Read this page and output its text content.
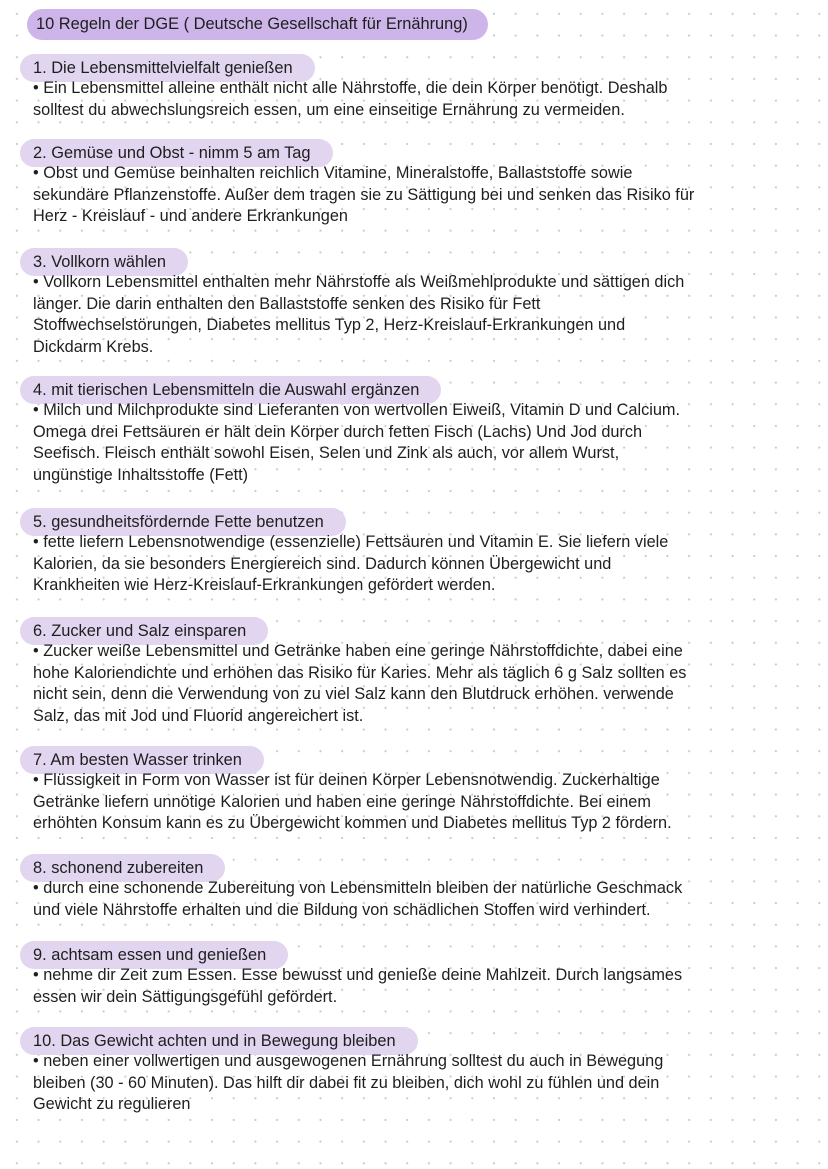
10 Regeln der DGE ( Deutsche Gesellschaft für Ernährung)
1. Die Lebensmittelvielfalt genießen
• Ein Lebensmittel alleine enthält nicht alle Nährstoffe, die dein Körper benötigt. Deshalb
solltest du abwechslungsreich essen, um eine einseitige Ernährung zu vermeiden.
2. Gemüse und Obst - nimm 5 am Tag
• Obst und Gemüse beinhalten reichlich Vitamine, Mineralstoffe, Ballaststoffe sowie
sekundäre Pflanzenstoffe. Außer dem tragen sie zu Sättigung bei und senken das Risiko für
Herz - Kreislauf - und andere Erkrankungen
3. Vollkorn wählen
• Vollkorn Lebensmittel enthalten mehr Nährstoffe als Weißmehlprodukte und sättigen dich
länger. Die darin enthalten den Ballaststoffe senken des Risiko für Fett
Stoffwechselstörungen, Diabetes mellitus Typ 2, Herz-Kreislauf-Erkrankungen und
Dickdarm Krebs.
4. mit tierischen Lebensmitteln die Auswahl ergänzen
• Milch und Milchprodukte sind Lieferanten von wertvollen Eiweiß, Vitamin D und Calcium.
Omega drei Fettsäuren er hält dein Körper durch fetten Fisch (Lachs) Und Jod durch
Seefisch. Fleisch enthält sowohl Eisen, Selen und Zink als auch, vor allem Wurst,
ungünstige Inhaltsstoffe (Fett)
5. gesundheitsfördernde Fette benutzen
• fette liefern Lebensnotwendige (essenzielle) Fettsäuren und Vitamin E. Sie liefern viele
Kalorien, da sie besonders Energiereich sind. Dadurch können Übergewicht und
Krankheiten wie Herz-Kreislauf-Erkrankungen gefördert werden.
6. Zucker und Salz einsparen
• Zucker weiße Lebensmittel und Getränke haben eine geringe Nährstoffdichte, dabei eine
hohe Kaloriendichte und erhöhen das Risiko für Karies. Mehr als täglich 6 g Salz sollten es
nicht sein, denn die Verwendung von zu viel Salz kann den Blutdruck erhöhen. verwende
Salz, das mit Jod und Fluorid angereichert ist.
7. Am besten Wasser trinken
• Flüssigkeit in Form von Wasser ist für deinen Körper Lebensnotwendig. Zuckerhaltige
Getränke liefern unnötige Kalorien und haben eine geringe Nährstoffdichte. Bei einem
erhöhten Konsum kann es zu Übergewicht kommen und Diabetes mellitus Typ 2 fördern.
8. schonend zubereiten
• durch eine schonende Zubereitung von Lebensmitteln bleiben der natürliche Geschmack
und viele Nährstoffe erhalten und die Bildung von schädlichen Stoffen wird verhindert.
9. achtsam essen und genießen
• nehme dir Zeit zum Essen. Esse bewusst und genieße deine Mahlzeit. Durch langsames
essen wir dein Sättigungsgefühl gefördert.
10. Das Gewicht achten und in Bewegung bleiben
• neben einer vollwertigen und ausgewogenen Ernährung solltest du auch in Bewegung
bleiben (30 - 60 Minuten). Das hilft dir dabei fit zu bleiben, dich wohl zu fühlen und dein
Gewicht zu regulieren
